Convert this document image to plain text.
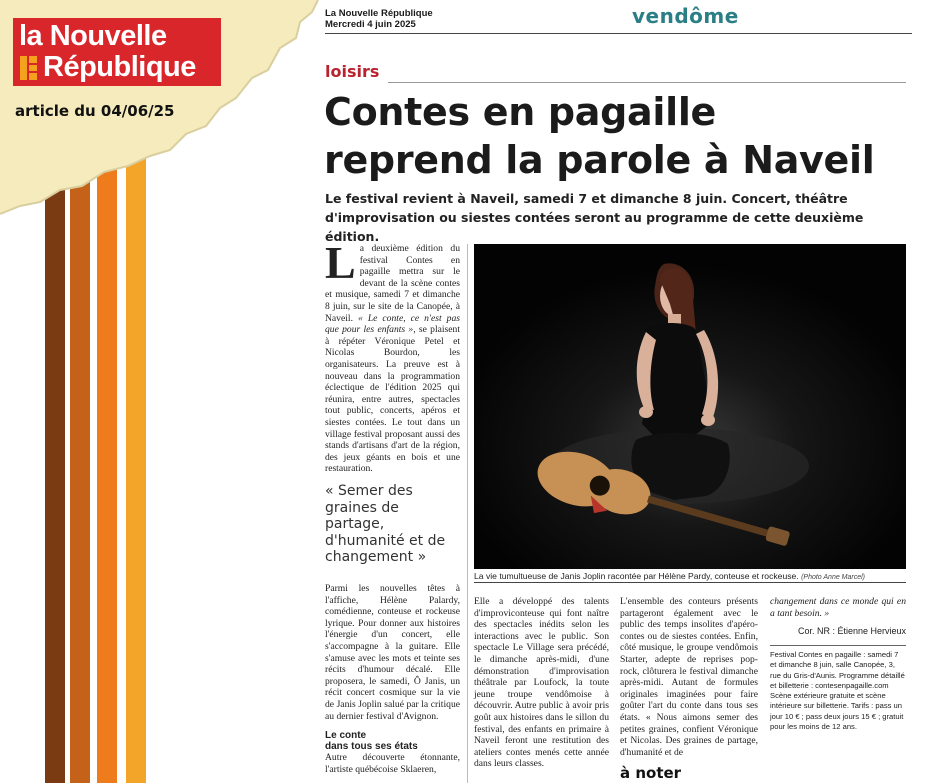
la Nouvelle
République
article du 04/06/25
La Nouvelle République
Mercredi 4 juin 2025	vendôme
loisirs
Contes en pagaille
reprend la parole à Naveil
Le festival revient à Naveil, samedi 7 et dimanche 8 juin. Concert, théâtre d'improvisation ou siestes contées seront au programme de cette deuxième édition.
La deuxième édition du festival Contes en pagaille mettra sur le devant de la scène contes et musique, samedi 7 et dimanche 8 juin, sur le site de la Canopée, à Naveil. « Le conte, ce n'est pas que pour les enfants », se plaisent à répéter Véronique Petel et Nicolas Bourdon, les organisateurs. La preuve est à nouveau dans la programmation éclectique de l'édition 2025 qui réunira, entre autres, spectacles tout public, concerts, apéros et siestes contées. Le tout dans un village festival proposant aussi des stands d'artisans d'art de la région, des jeux géants en bois et une restauration.
« Semer des graines de partage, d'humanité et de changement »
La vie tumultueuse de Janis Joplin racontée par Hélène Pardy, conteuse et rockeuse. (Photo Anne Marcel)

Parmi les nouvelles têtes à l'affiche, Hélène Palardy, comédienne, conteuse et rockeuse lyrique. Pour donner aux histoires l'énergie d'un concert, elle s'accompagne à la guitare. Elle s'amuse avec les mots et teinte ses récits d'humour décalé. Elle proposera, le samedi, Ô Janis, un récit concert cosmique sur la vie de Janis Joplin salué par la critique au dernier festival d'Avignon.

Le conte
dans tous ses états

Autre découverte étonnante, l'artiste québécoise Sklaeren,

Elle a développé des talents d'improviconteuse qui font naître des spectacles inédits selon les interactions avec le public. Son spectacle Le Village sera précédé, le dimanche après-midi, d'une démonstration d'improvisation théâtrale par Loufock, la toute jeune troupe vendômoise à découvrir. Autre public à avoir pris goût aux histoires dans le sillon du festival, des enfants en primaire à Naveil feront une restitution des ateliers contes menés cette année dans leurs classes.

L'ensemble des conteurs présents partageront également avec le public des temps insolites d'apéro-contes ou de siestes contées. Enfin, côté musique, le groupe vendômois Starter, adepte de reprises pop-rock, clôturera le festival dimanche après-midi. Autant de formules originales imaginées pour faire goûter l'art du conte dans tous ses états. « Nous aimons semer des petites graines, confient Véronique et Nicolas. Des graines de partage, d'humanité et de

changement dans ce monde qui en a tant besoin. »

Cor. NR : Étienne Hervieux
Festival Contes en pagaille : samedi 7 et dimanche 8 juin, salle Canopée, 3, rue du Gris-d'Aunis. Programme détaillé et billetterie : contesenpagaille.com Scène extérieure gratuite et scène intérieure sur billetterie. Tarifs : pass un jour 10 € ; pass deux jours 15 € ; gratuit pour les moins de 12 ans.
à noter
